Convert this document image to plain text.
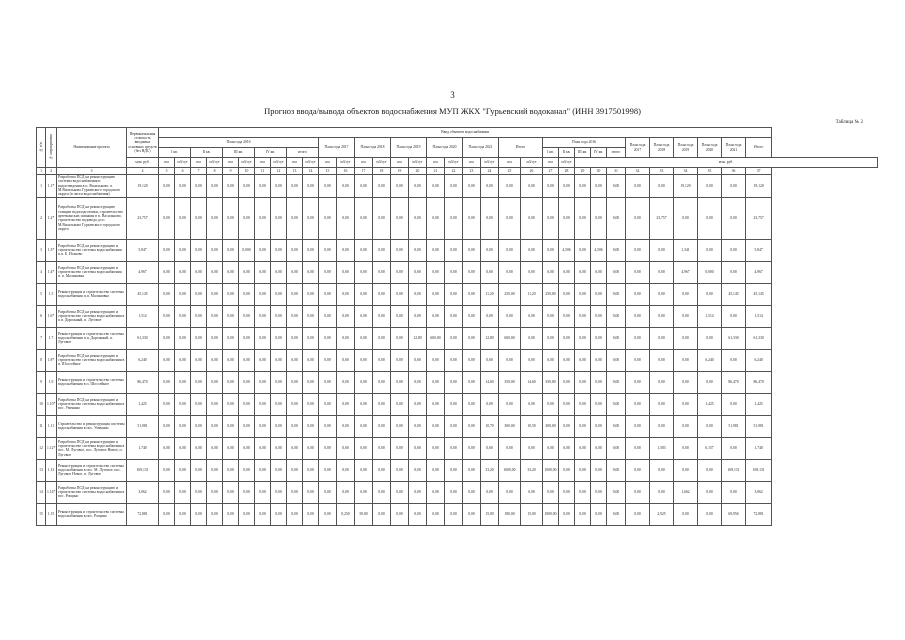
3
Прогноз ввода/вывода объектов водоснабжения МУП ЖКХ "Гурьевский водоканал" (ИНН 3917501998)
Таблица № 2
№ п/п	№ мероприятия	Наименование проекта	Первоначальная стоимость вводимых основных средств (без НДС)	Ввод объектов водоснабжения																																
				План года 2016										План года 2017		План года 2018		План года 2019		План года 2020		План года 2021		Итого		План года 2016					План года 2017	План года 2018	План года 2019	План года 2020	План года 2021	Итого
				I кв.		II кв.		III кв.		IV кв.		итого														I кв.	II кв.	III кв.	IV кв.	итого						
			млн. руб.	км	м3/сут	км	м3/сут	км	м3/сут	км	м3/сут	км	м3/сут	км	м3/сут	км	м3/сут	км	м3/сут	км	м3/сут	км	м3/сут	км	м3/сут	км	м3/сут	млн. руб.								
1	2	3	4	5	6	7	8	9	10	11	12	13	14	15	16	17	18	19	20	21	22	23	24	25	26	27	28	29	30	31	32	33	34	35	36	37
1	1.1*	Разработка ПСД на реконструкцию системы водоснабжения и водоотведения в п. Васильково, п. М.Васильково Гурьевского городского округа (в части водоснабжения)	19,120	0,00	0,00	0,00	0,00	0,00	0,00	0,00	0,00	0,00	0,00	0,00	0,00	0,00	0,00	0,00	0,00	0,00	0,00	0,00	0,00	0,00	0,00	0,00	0,00	0,00	0,00	0,00	0,00	0,00	19,120	0,00	0,00	19,120
2	1.2*	Разработка ПСД на реконструкцию станции водоподготовки, строительство артезианских скважин в п. Васильково, строительство водовода до п. М.Васильково Гурьевского городского округа	23,757	0,00	0,00	0,00	0,00	0,00	0,00	0,00	0,00	0,00	0,00	0,00	0,00	0,00	0,00	0,00	0,00	0,00	0,00	0,00	0,00	0,00	0,00	0,00	0,00	0,00	0,00	0,00	0,00	23,757	0,00	0,00	0,00	23,757
3	1.3*	Разработка ПСД на реконструкцию и строительство системы водоснабжения п.п. Б. Исаково	5,847	0,00	0,00	0,00	0,00	0,00	0,000	0,00	0,00	0,00	0,00	0,00	0,00	0,00	0,00	0,00	0,00	0,00	0,00	0,00	0,00	0,00	0,00	0,00	4,506	0,00	4,506	0,00	0,00	0,00	1,341	0,00	0,00	5,847
4	1.4*	Разработка ПСД на реконструкцию и строительство системы водоснабжения п. п. Малиновка	4,967	0,00	0,00	0,00	0,00	0,00	0,00	0,00	0,00	0,00	0,00	0,00	0,00	0,00	0,00	0,00	0,00	0,00	0,00	0,00	0,00	0,00	0,00	0,00	0,00	0,00	0,00	0,00	0,00	0,00	4,967	0,000	0,00	4,967
5	1.5	Реконструкция и строительство системы водоснабжения п.п. Малиновка	45,145	0,00	0,00	0,00	0,00	0,00	0,00	0,00	0,00	0,00	0,00	0,00	0,00	0,00	0,00	0,00	0,00	0,00	0,00	0,00	11,20	250,00	11,20	250,00	0,00	0,00	0,00	0,00	0,00	0,00	0,00	0,00	45,145	45,145
6	1.6*	Разработка ПСД на реконструкцию и строительство системы водоснабжения в п.п. Дорожный, п. Луговое	1,514	0,00	0,00	0,00	0,00	0,00	0,00	0,00	0,00	0,00	0,00	0,00	0,00	0,00	0,00	0,00	0,00	0,00	0,00	0,00	0,00	0,00	0,00	0,00	0,00	0,00	0,00	0,00	0,00	0,00	0,00	1,514	0,00	1,514
7	1.7	Реконструкция и строительство системы водоснабжения п.п. Дорожный, п. Луговое	61,330	0,00	0,00	0,00	0,00	0,00	0,00	0,00	0,00	0,00	0,00	0,00	0,00	0,00	0,00	0,00	12,80	600,00	0,00	0,00	12,80	600,00	0,00	0,00	0,00	0,00	0,00	0,00	0,00	0,00	0,00	0,00	61,330	61,330
8	1.8*	Разработка ПСД на реконструкцию и строительство системы водоснабжения в п. Шоссейное	6,240	0,00	0,00	0,00	0,00	0,00	0,00	0,00	0,00	0,00	0,00	0,00	0,00	0,00	0,00	0,00	0,00	0,00	0,00	0,00	0,00	0,00	0,00	0,00	0,00	0,00	0,00	0,00	0,00	0,00	0,00	6,240	0,00	6,240
9	1.9	Реконструкция и строительство системы водоснабжения в п. Шоссейное	86,470	0,00	0,00	0,00	0,00	0,00	0,00	0,00	0,00	0,00	0,00	0,00	0,00	0,00	0,00	0,00	0,00	0,00	0,00	0,00	14,60	350,00	14,60	350,00	0,00	0,00	0,00	0,00	0,00	0,00	0,00	0,00	86,470	86,470
10	1.10*	Разработка ПСД на реконструкцию и строительство системы водоснабжения в пос. Уменино	1,425	0,00	0,00	0,00	0,00	0,00	0,00	0,00	0,00	0,00	0,00	0,00	0,00	0,00	0,00	0,00	0,00	0,00	0,00	0,00	0,00	0,00	0,00	0,00	0,00	0,00	0,00	0,00	0,00	0,00	0,00	1,425	0,00	1,425
11	1.11	Строительство и реконструкция системы водоснабжения в пос. Уменино	51,981	0,00	0,00	0,00	0,00	0,00	0,00	0,00	0,00	0,00	0,00	0,00	0,00	0,00	0,00	0,00	0,00	0,00	0,00	0,00	10,70	300,00	10,50	300,00	0,00	0,00	0,00	0,00	0,00	0,00	0,00	0,00	51,981	51,981
12	1.12*	Разработка ПСД на реконструкцию и строительство системы водоснабжения в пос. М. Луговое, пос. Луговое Новое, п. Луговое	1,740	0,00	0,00	0,00	0,00	0,00	0,00	0,00	0,00	0,00	0,00	0,00	0,00	0,00	0,00	0,00	0,00	0,00	0,00	0,00	0,00	0,00	0,00	0,00	0,00	0,00	0,00	0,00	0,00	1,583	0,00	0,157	0,00	1,740
13	1.13	Реконструкция и строительство системы водоснабжения в пос. М. Луговое, пос. Луговое Новое, п. Луговое	169,131	0,00	0,00	0,00	0,00	0,00	0,00	0,00	0,00	0,00	0,00	0,00	0,00	0,00	0,00	0,00	0,00	0,00	0,00	0,00	33,20	1000,00	33,20	1000,00	0,00	0,00	0,00	0,00	0,00	0,00	0,00	0,00	169,131	169,131
14	1.14*	Разработка ПСД на реконструкцию и строительство системы водоснабжения в пос. Рощино	3,062	0,00	0,00	0,00	0,00	0,00	0,00	0,00	0,00	0,00	0,00	0,00	0,00	0,00	0,00	0,00	0,00	0,00	0,00	0,00	0,00	0,00	0,00	0,00	0,00	0,00	0,00	0,00	0,00	0,00	1,662	0,00	0,00	3,062
15	1.15	Реконструкция и строительство системы водоснабжения в пос. Рощино	72,881	0,00	0,00	0,00	0,00	0,00	0,00	0,00	0,00	0,00	0,00	0,00	0,250	50,00	0,00	0,00	0,00	0,00	0,00	0,00	15,00	180,00	15,00	1000,00	0,00	0,00	0,00	0,00	0,00	2,925	0,00	0,00	69,956	72,881
